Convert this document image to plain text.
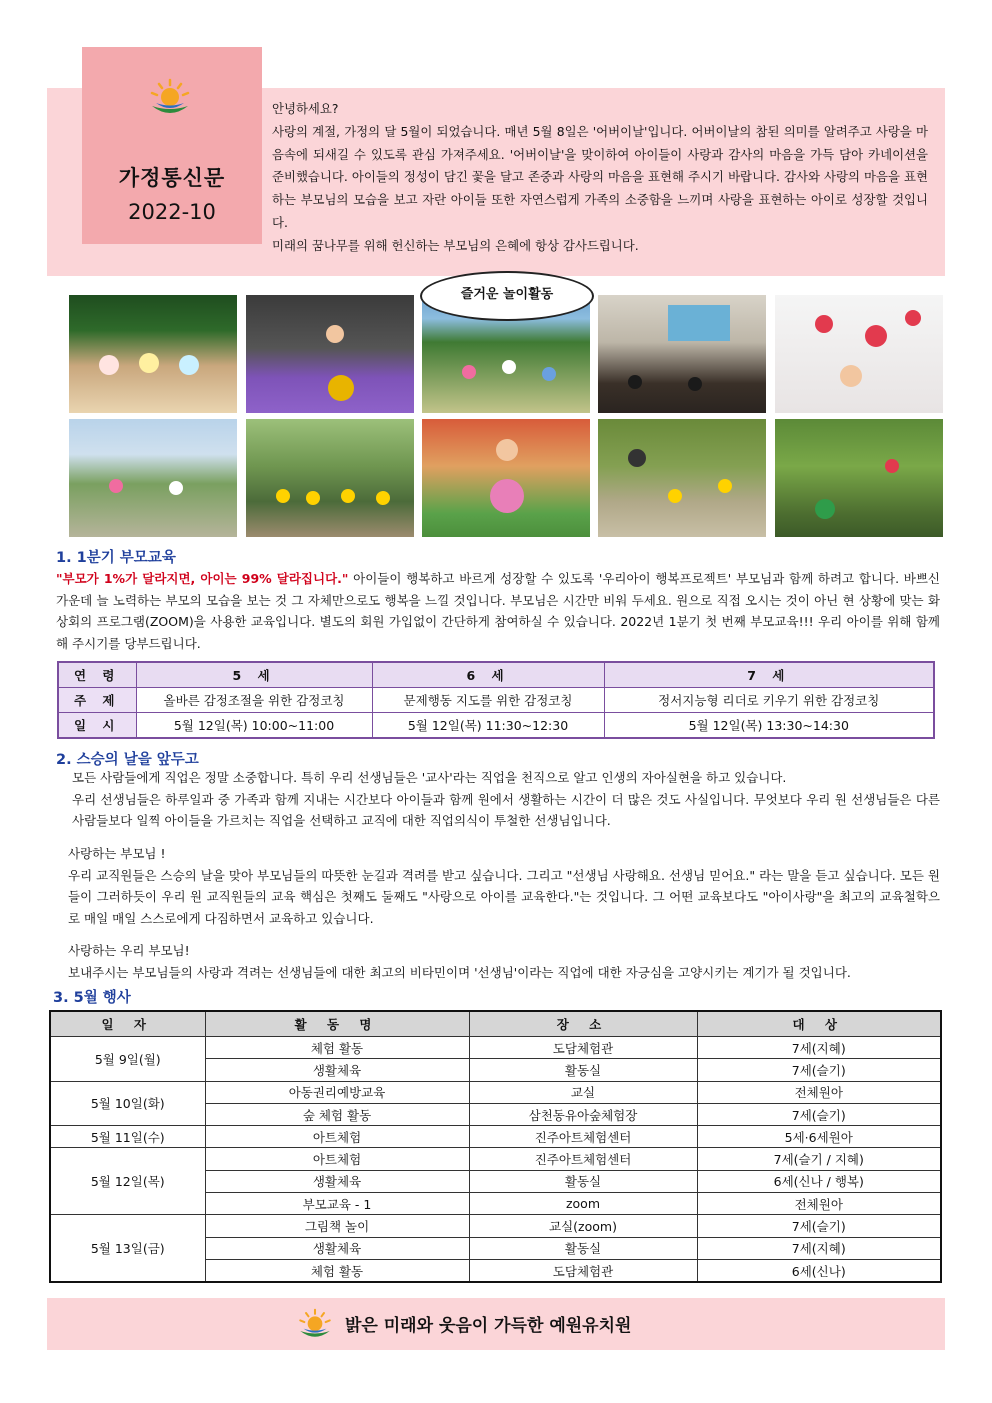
가정통신문
2022-10

안녕하세요?

사랑의 계절, 가정의 달 5월이 되었습니다. 매년 5월 8일은 '어버이날'입니다. 어버이날의 참된 의미를 알려주고 사랑을 마음속에 되새길 수 있도록 관심 가져주세요. '어버이날'을 맞이하여 아이들이 사랑과 감사의 마음을 가득 담아 카네이션을 준비했습니다. 아이들의 정성이 담긴 꽃을 달고 존중과 사랑의 마음을 표현해 주시기 바랍니다. 감사와 사랑의 마음을 표현하는 부모님의 모습을 보고 자란 아이들 또한 자연스럽게 가족의 소중함을 느끼며 사랑을 표현하는 아이로 성장할 것입니다.

미래의 꿈나무를 위해 헌신하는 부모님의 은혜에 항상 감사드립니다.

즐거운 놀이활동
1. 1분기 부모교육
"부모가 1%가 달라지면, 아이는 99% 달라집니다." 아이들이 행복하고 바르게 성장할 수 있도록 '우리아이 행복프로젝트' 부모님과 함께 하려고 합니다. 바쁘신 가운데 늘 노력하는 부모의 모습을 보는 것 그 자체만으로도 행복을 느낄 것입니다. 부모님은 시간만 비워 두세요. 원으로 직접 오시는 것이 아닌 현 상황에 맞는 화상회의 프로그램(ZOOM)을 사용한 교육입니다. 별도의 회원 가입없이 간단하게 참여하실 수 있습니다. 2022년 1분기 첫 번째 부모교육!!! 우리 아이를 위해 함께 해 주시기를 당부드립니다.
연 령	5 세	6 세	7 세
주 제	올바른 감정조절을 위한 감정코칭	문제행동 지도를 위한 감정코칭	정서지능형 리더로 키우기 위한 감정코칭
일 시	5월 12일(목) 10:00~11:00	5월 12일(목) 11:30~12:30	5월 12일(목) 13:30~14:30
2. 스승의 날을 앞두고
모든 사람들에게 직업은 정말 소중합니다. 특히 우리 선생님들은 '교사'라는 직업을 천직으로 알고 인생의 자아실현을 하고 있습니다.
우리 선생님들은 하루일과 중 가족과 함께 지내는 시간보다 아이들과 함께 원에서 생활하는 시간이 더 많은 것도 사실입니다. 무엇보다 우리 원 선생님들은 다른 사람들보다 일찍 아이들을 가르치는 직업을 선택하고 교직에 대한 직업의식이 투철한 선생님입니다.
사랑하는 부모님 !
우리 교직원들은 스승의 날을 맞아 부모님들의 따뜻한 눈길과 격려를 받고 싶습니다. 그리고 "선생님 사랑해요. 선생님 믿어요." 라는 말을 듣고 싶습니다. 모든 원들이 그러하듯이 우리 원 교직원들의 교육 핵심은 첫째도 둘째도 "사랑으로 아이를 교육한다."는 것입니다. 그 어떤 교육보다도 "아이사랑"을 최고의 교육철학으로 매일 매일 스스로에게 다짐하면서 교육하고 있습니다.
사랑하는 우리 부모님!
보내주시는 부모님들의 사랑과 격려는 선생님들에 대한 최고의 비타민이며 '선생님'이라는 직업에 대한 자긍심을 고양시키는 계기가 될 것입니다.
3. 5월 행사
일 자	활 동 명	장 소	대 상
5월 9일(월)	체험 활동	도담체험관	7세(지혜)
	생활체육	활동실	7세(슬기)
5월 10일(화)	아동권리예방교육	교실	전체원아
	숲 체험 활동	삼천동유아숲체험장	7세(슬기)
5월 11일(수)	아트체험	진주아트체험센터	5세·6세원아
5월 12일(목)	아트체험	진주아트체험센터	7세(슬기 / 지혜)
	생활체육	활동실	6세(신나 / 행복)
	부모교육 - 1	zoom	전체원아
5월 13일(금)	그림책 놀이	교실(zoom)	7세(슬기)
	생활체육	활동실	7세(지혜)
	체험 활동	도담체험관	6세(신나)
밝은 미래와 웃음이 가득한 예원유치원
